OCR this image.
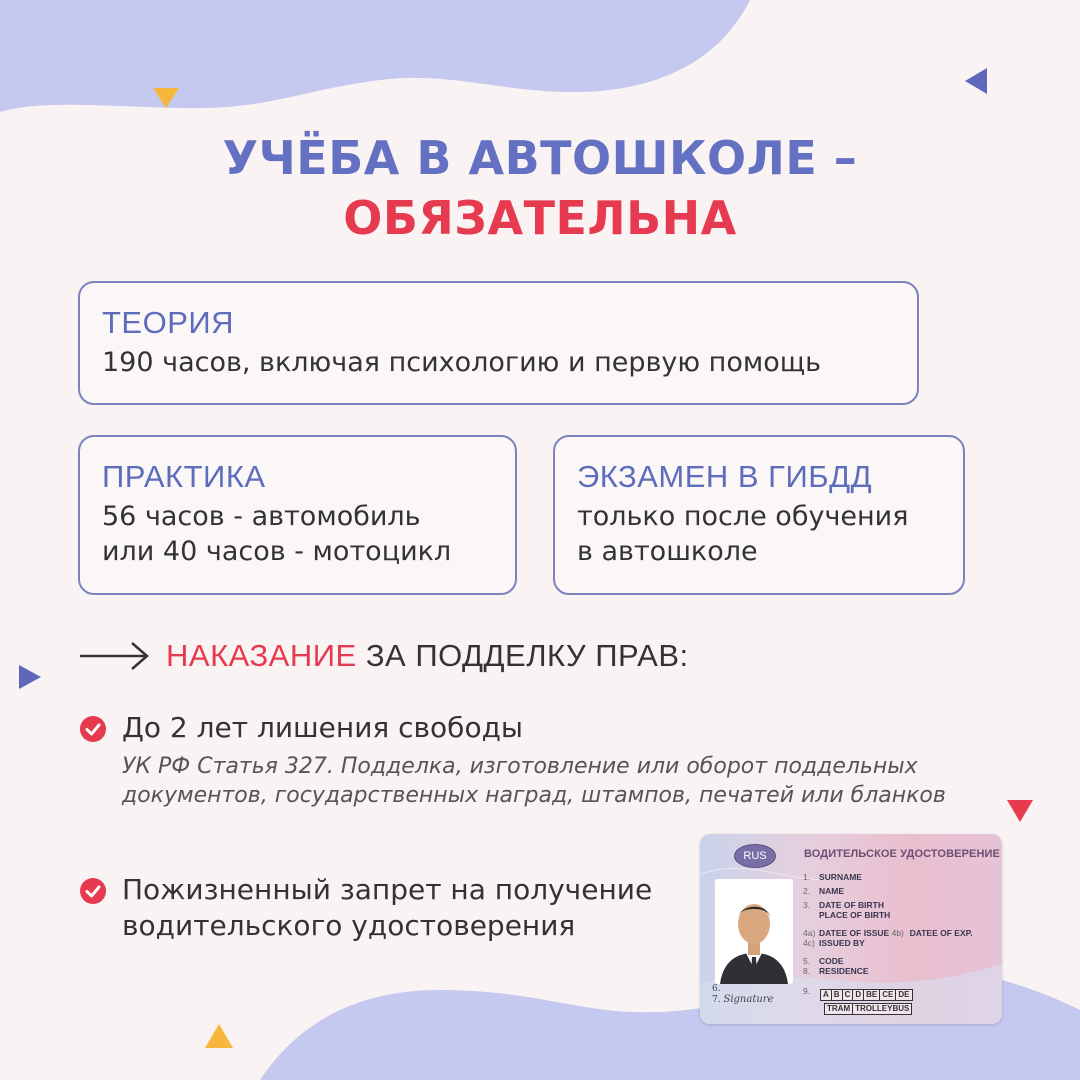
УЧЁБА В АВТОШКОЛЕ –
ОБЯЗАТЕЛЬНА
ТЕОРИЯ
190 часов, включая психологию и первую помощь
ПРАКТИКА
56 часов - автомобиль
или 40 часов - мотоцикл
ЭКЗАМЕН В ГИБДД
только после обучения
в автошколе
НАКАЗАНИЕ ЗА ПОДДЕЛКУ ПРАВ:
До 2 лет лишения свободы
УК РФ Статья 327. Подделка, изготовление или оборот поддельных документов, государственных наград, штампов, печатей или бланков
Пожизненный запрет на получение
водительского удостоверения
RUS	ВОДИТЕЛЬСКОЕ УДОСТОВЕРЕНИЕ
1. SURNAME
2. NAME
3. DATE OF BIRTH
PLACE OF BIRTH
4a) DATEE OF ISSUE 4b) DATEE OF EXP.
4c) ISSUED BY
5. CODE
8. RESIDENCE
9.
6.
7. Signature	A B C D BE CE DE
TRAM TROLLEYBUS
